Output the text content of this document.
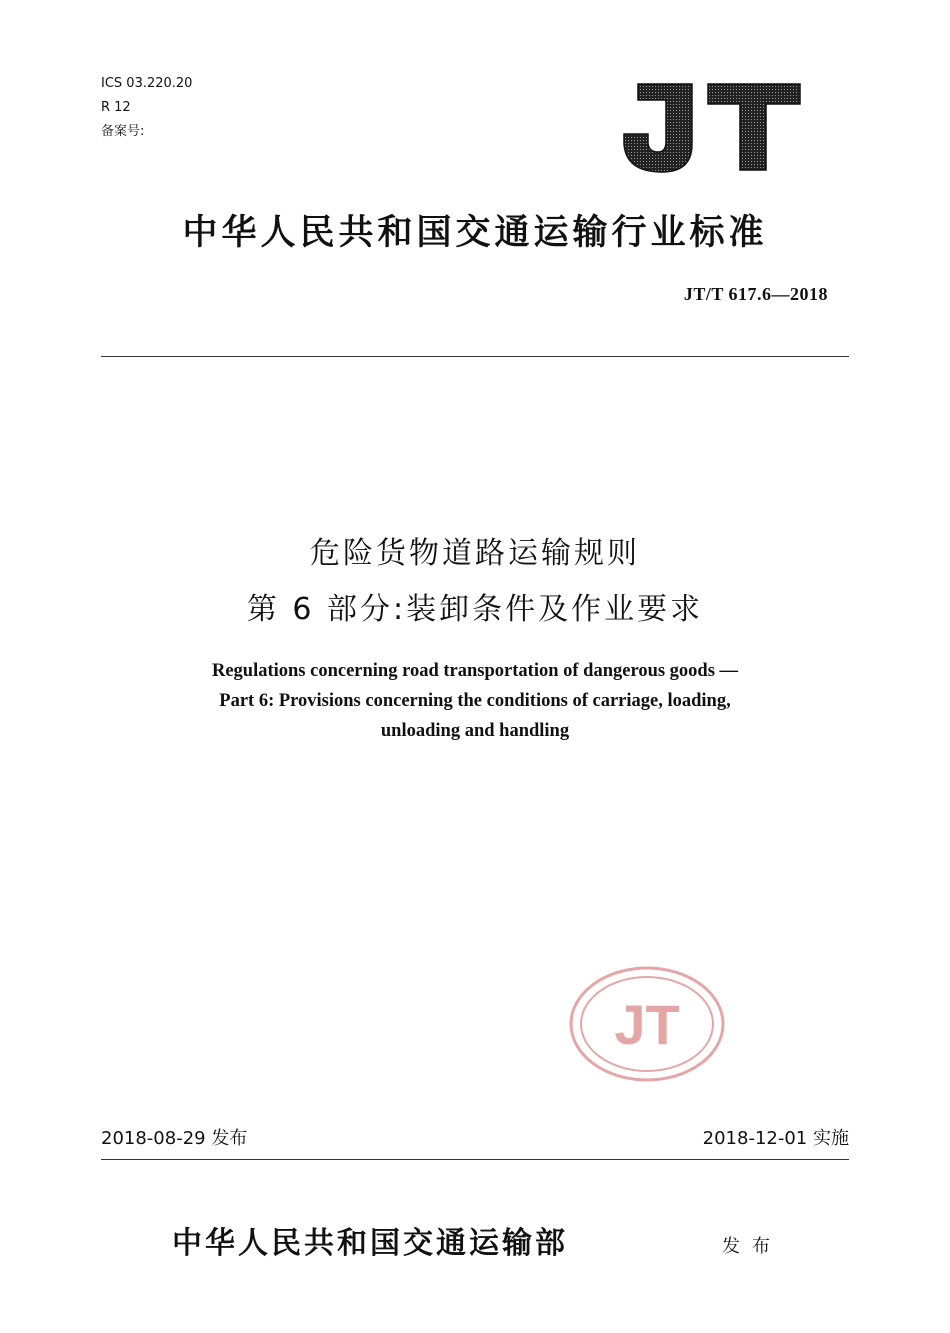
ICS 03.220.20
R 12
备案号:
中华人民共和国交通运输行业标准
JT/T 617.6—2018
危险货物道路运输规则
第 6 部分:装卸条件及作业要求
Regulations concerning road transportation of dangerous goods —
Part 6: Provisions concerning the conditions of carriage, loading,
unloading and handling
JT
2018-08-29 发布	2018-12-01 实施
中华人民共和国交通运输部	发布
